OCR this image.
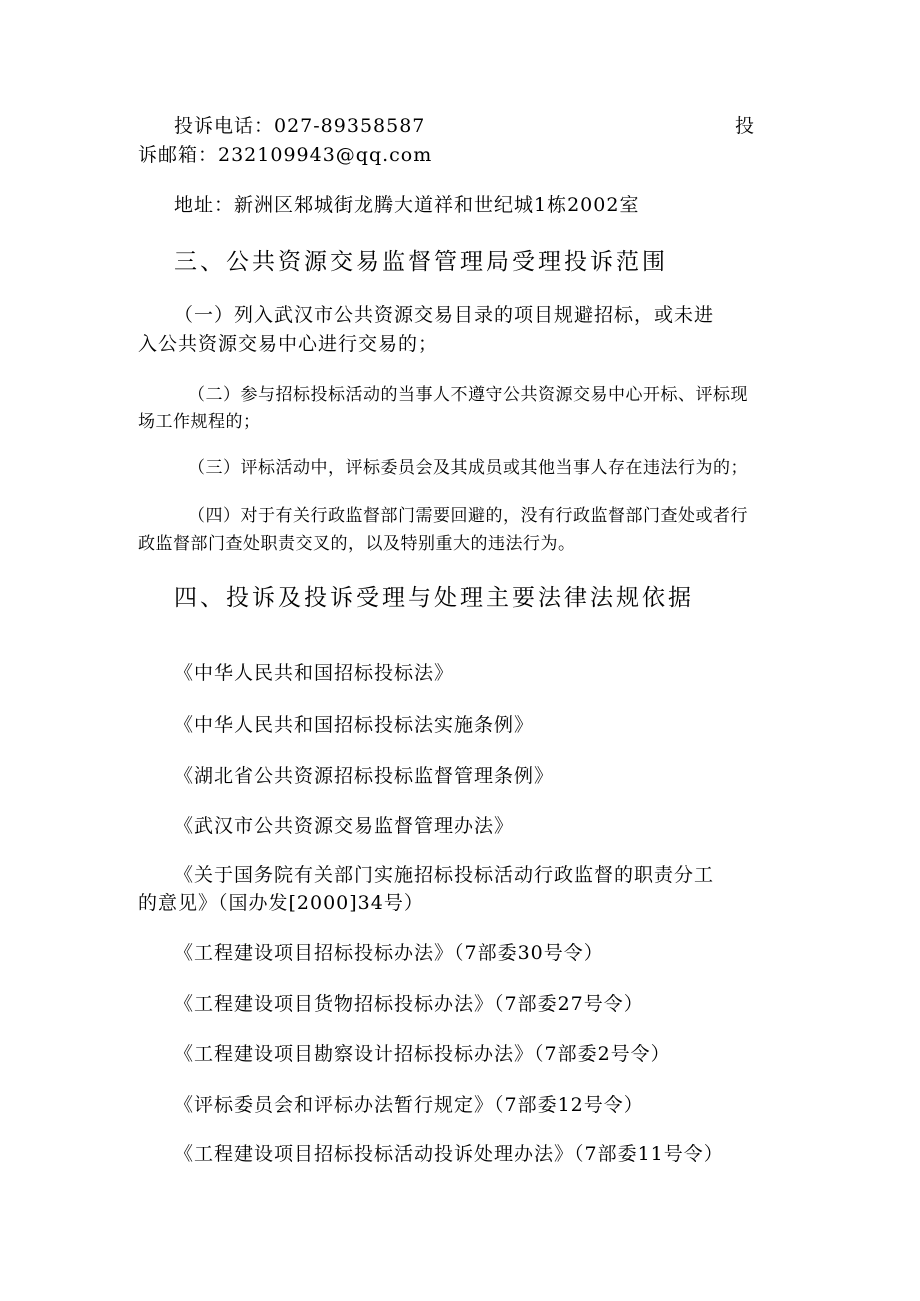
投诉电话：027-89358587	投
诉邮箱：232109943@qq.com
地址：新洲区邾城街龙腾大道祥和世纪城1栋2002室
三、公共资源交易监督管理局受理投诉范围
（一）列入武汉市公共资源交易目录的项目规避招标，或未进
入公共资源交易中心进行交易的；
（二）参与招标投标活动的当事人不遵守公共资源交易中心开标、评标现
场工作规程的；
（三）评标活动中，评标委员会及其成员或其他当事人存在违法行为的；
（四）对于有关行政监督部门需要回避的，没有行政监督部门查处或者行
政监督部门查处职责交叉的，以及特别重大的违法行为。
四、投诉及投诉受理与处理主要法律法规依据
《中华人民共和国招标投标法》
《中华人民共和国招标投标法实施条例》
《湖北省公共资源招标投标监督管理条例》
《武汉市公共资源交易监督管理办法》
《关于国务院有关部门实施招标投标活动行政监督的职责分工
的意见》（国办发[2000]34号）
《工程建设项目招标投标办法》（7部委30号令）
《工程建设项目货物招标投标办法》（7部委27号令）
《工程建设项目勘察设计招标投标办法》（7部委2号令）
《评标委员会和评标办法暂行规定》（7部委12号令）
《工程建设项目招标投标活动投诉处理办法》（7部委11号令）
